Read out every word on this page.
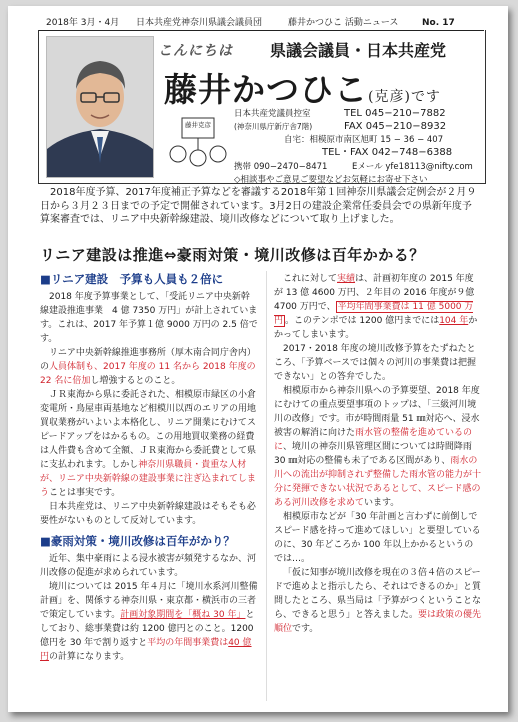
2018年 3月・4月 日本共産党神奈川県議会議員団	藤井かつひこ 活動ニュース	No. 17
こんにちは 県議会議員・日本共産党
藤井かつひこ(克彦)です
藤井克彦
日本共産党議員控室	TEL 045−210−7882
(神奈川県庁新庁舎7階)	FAX 045−210−8932
自宅：相模原市南区旭町 15 − 36 − 407
TEL・FAX 042−748−6388
携帯 090−2470−8471	Eメール yfe18113@nifty.com
◇相談事やご意見ご要望などお気軽にお寄せ下さい
2018年度予算、2017年度補正予算などを審議する2018年第１回神奈川県議会定例会が２月９日から３月２３日までの予定で開催されています。3月2日の建設企業常任委員会での県新年度予算案審査では、リニア中央新幹線建設、境川改修などについて取り上げました。
リニア建設は推進⇔豪雨対策・境川改修は百年かかる？
■リニア建設　予算も人員も２倍に

2018 年度予算事業として、「受託リニア中央新幹線建設推進事業　4 億 7350 万円」が計上されています。これは、2017 年予算１億 9000 万円の 2.5 倍です。

リニア中央新幹線推進事務所（厚木南合同庁舎内）の人員体制も、2017 年度の 11 名から 2018 年度の 22 名に倍加し増強するとのこと。

ＪＲ東海から県に委託された、相模原市緑区の小倉変電所・鳥屋車両基地など相模川以西のエリアの用地買収業務がいよいよ本格化し、リニア開業にむけてスピードアップをはかるもの。この用地買収業務の経費は人件費も含めて全額、ＪＲ東海から委託費として県に支払われます。しかし神奈川県職員・貴重な人材が、リニア中央新幹線の建設事業に注ぎ込まれてしまうことは事実です。

日本共産党は、リニア中央新幹線建設はそもそも必要性がないものとして反対しています。

■豪雨対策・境川改修は百年がかり？

近年、集中豪雨による浸水被害が頻発するなか、河川改修の促進が求められています。

境川については 2015 年４月に「境川水系河川整備計画」を、関係する神奈川県・東京都・横浜市の三者で策定しています。計画対象期間を「概ね 30 年」としており、総事業費は約 1200 億円とのこと。1200 億円を 30 年で割り返すと平均の年間事業費は40 億円の計算になります。

これに対して実績は、計画初年度の 2015 年度が 13 億 4600 万円、２年目の 2016 年度が９億 4700 万円で、 平均年間事業費は 11 億 5000 万円 。このテンポでは 1200 億円までには104 年かかってしまいます。

2017・2018 年度の境川改修予算をたずねたところ、「予算ベースでは個々の河川の事業費は把握できない」との答弁でした。

相模原市から神奈川県への予算要望、2018 年度にむけての重点要望事項のトップは、「三級河川境川の改修」です。市が時間雨量 51 ㎜対応へ、浸水被害の解消に向けた雨水管の整備を進めているのに、境川の神奈川県管理区間については時間降雨 30 ㎜対応の整備も未了である区間があり、雨水の川への流出が抑制されず整備した雨水管の能力が十分に発揮できない状況であるとして、スピード感のある河川改修を求めています。

相模原市などが「30 年計画と言わずに前倒しでスピード感を持って進めてほしい」と要望しているのに、30 年どころか 100 年以上かかるというのでは…。

「仮に知事が境川改修を現在の３倍４倍のスピードで進めよと指示したら、それはできるのか」と質問したところ、県当局は「予算がつくということなら、できると思う」と答えました。要は政策の優先順位です。
